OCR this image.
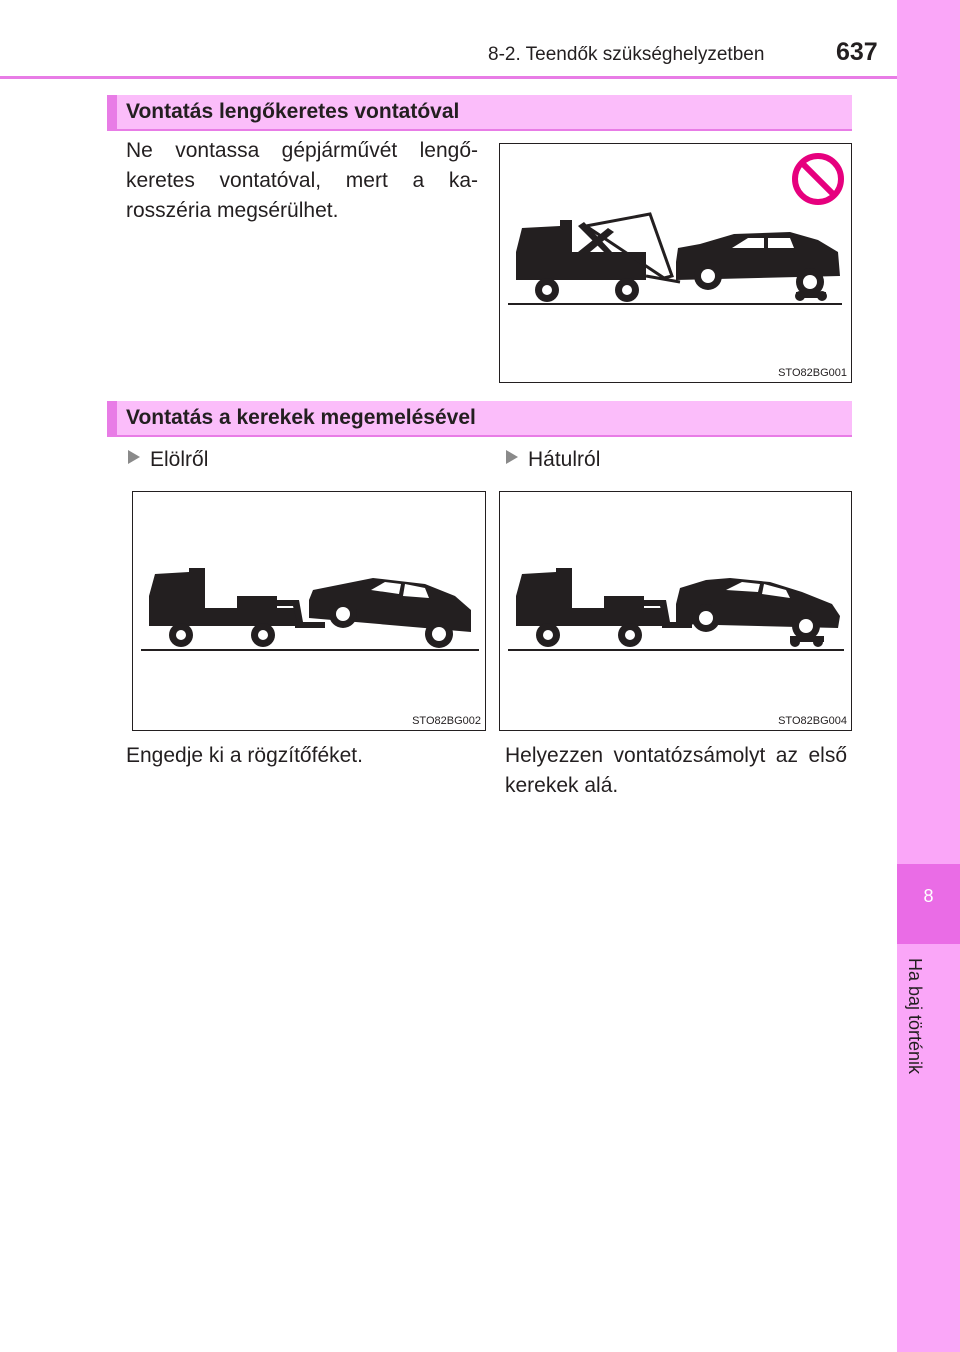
8-2. Teendők szükséghelyzetben	637
8
Ha baj történik
Vontatás lengőkeretes vontatóval
Ne vontassa gépjárművét lengő- keretes vontatóval, mert a ka- rosszéria megsérülhet.
STO82BG001
Vontatás a kerekek megemelésével
Elölről	Hátulról
STO82BG002	STO82BG004
Engedje ki a rögzítőféket.	Helyezzen vontatózsámolyt az első kerekek alá.
